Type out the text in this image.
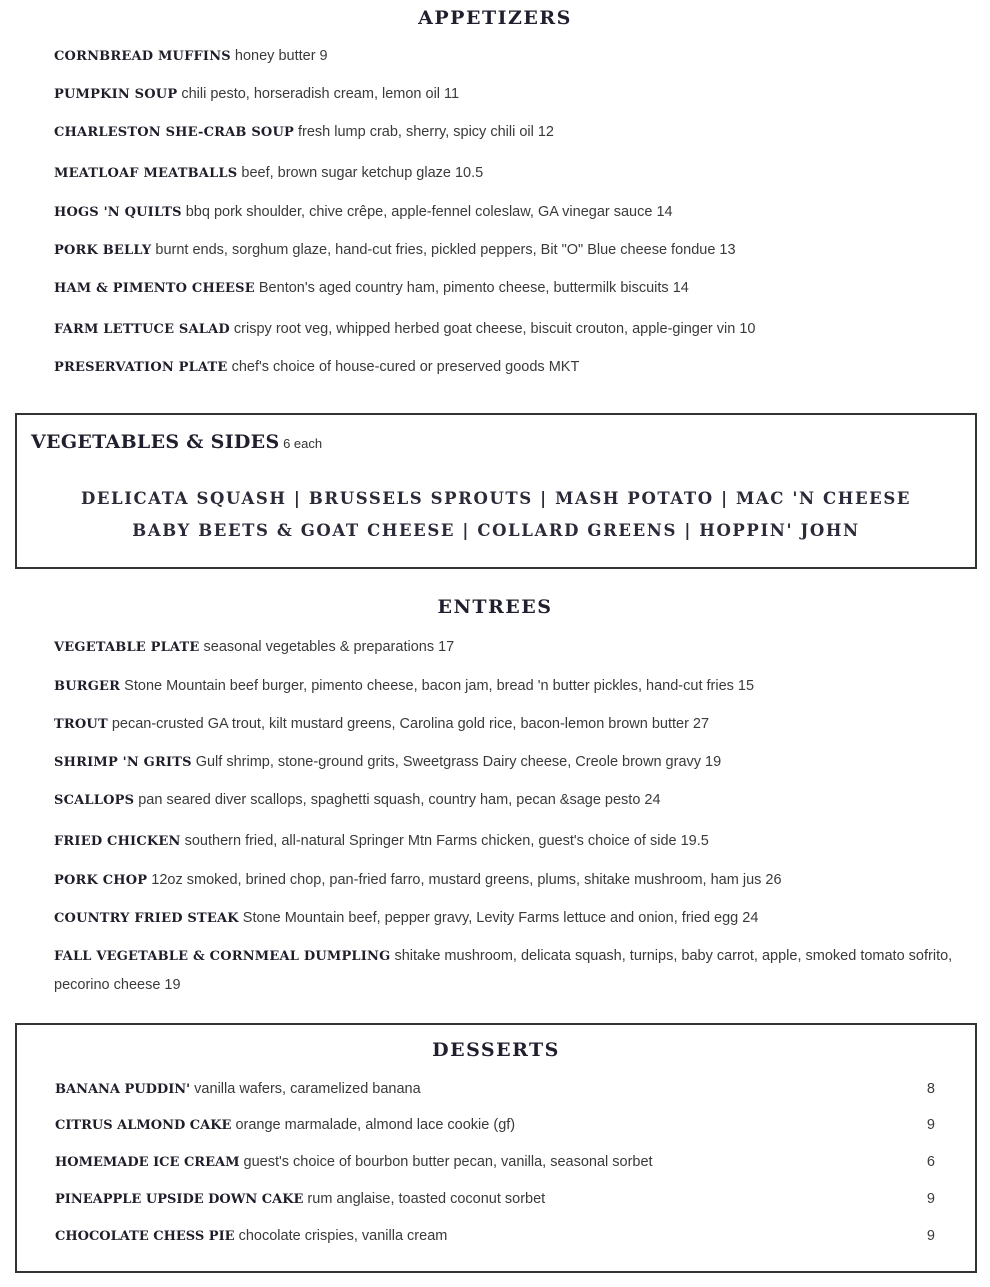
APPETIZERS
CORNBREAD MUFFINS honey butter 9
PUMPKIN SOUP chili pesto, horseradish cream, lemon oil 11
CHARLESTON SHE-CRAB SOUP fresh lump crab, sherry, spicy chili oil 12
MEATLOAF MEATBALLS beef, brown sugar ketchup glaze 10.5
HOGS 'N QUILTS bbq pork shoulder, chive crêpe, apple-fennel coleslaw, GA vinegar sauce 14
PORK BELLY burnt ends, sorghum glaze, hand-cut fries, pickled peppers, Bit "O" Blue cheese fondue 13
HAM & PIMENTO CHEESE Benton's aged country ham, pimento cheese, buttermilk biscuits 14
FARM LETTUCE SALAD crispy root veg, whipped herbed goat cheese, biscuit crouton, apple-ginger vin 10
PRESERVATION PLATE chef's choice of house-cured or preserved goods MKT
VEGETABLES & SIDES 6 each
DELICATA SQUASH | BRUSSELS SPROUTS | MASH POTATO | MAC 'N CHEESE
BABY BEETS & GOAT CHEESE | COLLARD GREENS | HOPPIN' JOHN
ENTREES
VEGETABLE PLATE seasonal vegetables & preparations 17
BURGER Stone Mountain beef burger, pimento cheese, bacon jam, bread 'n butter pickles, hand-cut fries 15
TROUT pecan-crusted GA trout, kilt mustard greens, Carolina gold rice, bacon-lemon brown butter 27
SHRIMP 'N GRITS Gulf shrimp, stone-ground grits, Sweetgrass Dairy cheese, Creole brown gravy 19
SCALLOPS pan seared diver scallops, spaghetti squash, country ham, pecan &sage pesto 24
FRIED CHICKEN southern fried, all-natural Springer Mtn Farms chicken, guest's choice of side 19.5
PORK CHOP 12oz smoked, brined chop, pan-fried farro, mustard greens, plums, shitake mushroom, ham jus 26
COUNTRY FRIED STEAK Stone Mountain beef, pepper gravy, Levity Farms lettuce and onion, fried egg 24
FALL VEGETABLE & CORNMEAL DUMPLING shitake mushroom, delicata squash, turnips, baby carrot, apple, smoked tomato sofrito, pecorino cheese 19
DESSERTS
BANANA PUDDIN' vanilla wafers, caramelized banana	8
CITRUS ALMOND CAKE orange marmalade, almond lace cookie (gf)	9
HOMEMADE ICE CREAM guest's choice of bourbon butter pecan, vanilla, seasonal sorbet	6
PINEAPPLE UPSIDE DOWN CAKE rum anglaise, toasted coconut sorbet	9
CHOCOLATE CHESS PIE chocolate crispies, vanilla cream	9
